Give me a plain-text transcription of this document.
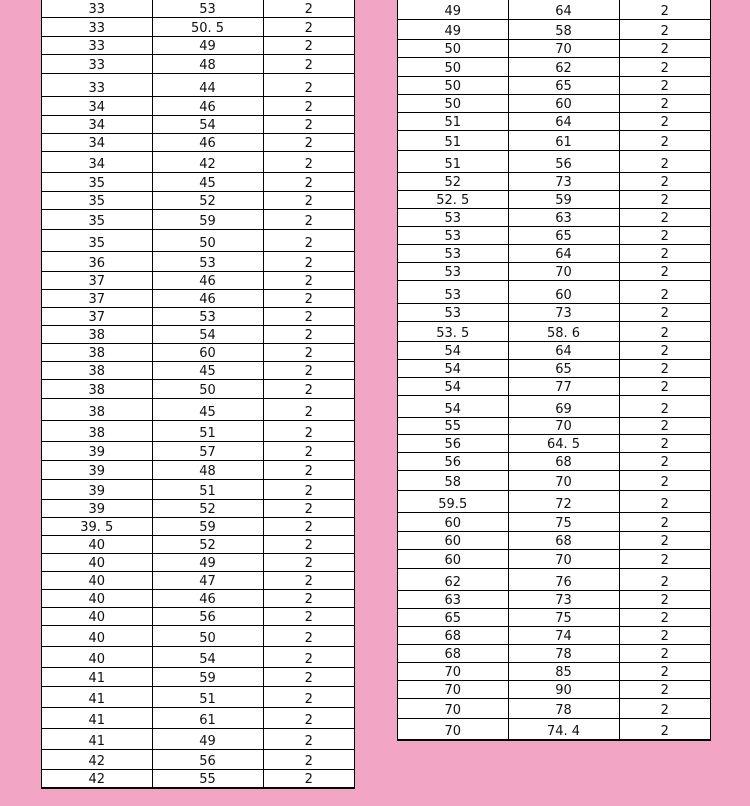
33	53	2
33	50. 5	2
33	49	2
33	48	2
33	44	2
34	46	2
34	54	2
34	46	2
34	42	2
35	45	2
35	52	2
35	59	2
35	50	2
36	53	2
37	46	2
37	46	2
37	53	2
38	54	2
38	60	2
38	45	2
38	50	2
38	45	2
38	51	2
39	57	2
39	48	2
39	51	2
39	52	2
39. 5	59	2
40	52	2
40	49	2
40	47	2
40	46	2
40	56	2
40	50	2
40	54	2
41	59	2
41	51	2
41	61	2
41	49	2
42	56	2
42	55	2
49	64	2
49	58	2
50	70	2
50	62	2
50	65	2
50	60	2
51	64	2
51	61	2
51	56	2
52	73	2
52. 5	59	2
53	63	2
53	65	2
53	64	2
53	70	2
53	60	2
53	73	2
53. 5	58. 6	2
54	64	2
54	65	2
54	77	2
54	69	2
55	70	2
56	64. 5	2
56	68	2
58	70	2
59.5	72	2
60	75	2
60	68	2
60	70	2
62	76	2
63	73	2
65	75	2
68	74	2
68	78	2
70	85	2
70	90	2
70	78	2
70	74. 4	2
